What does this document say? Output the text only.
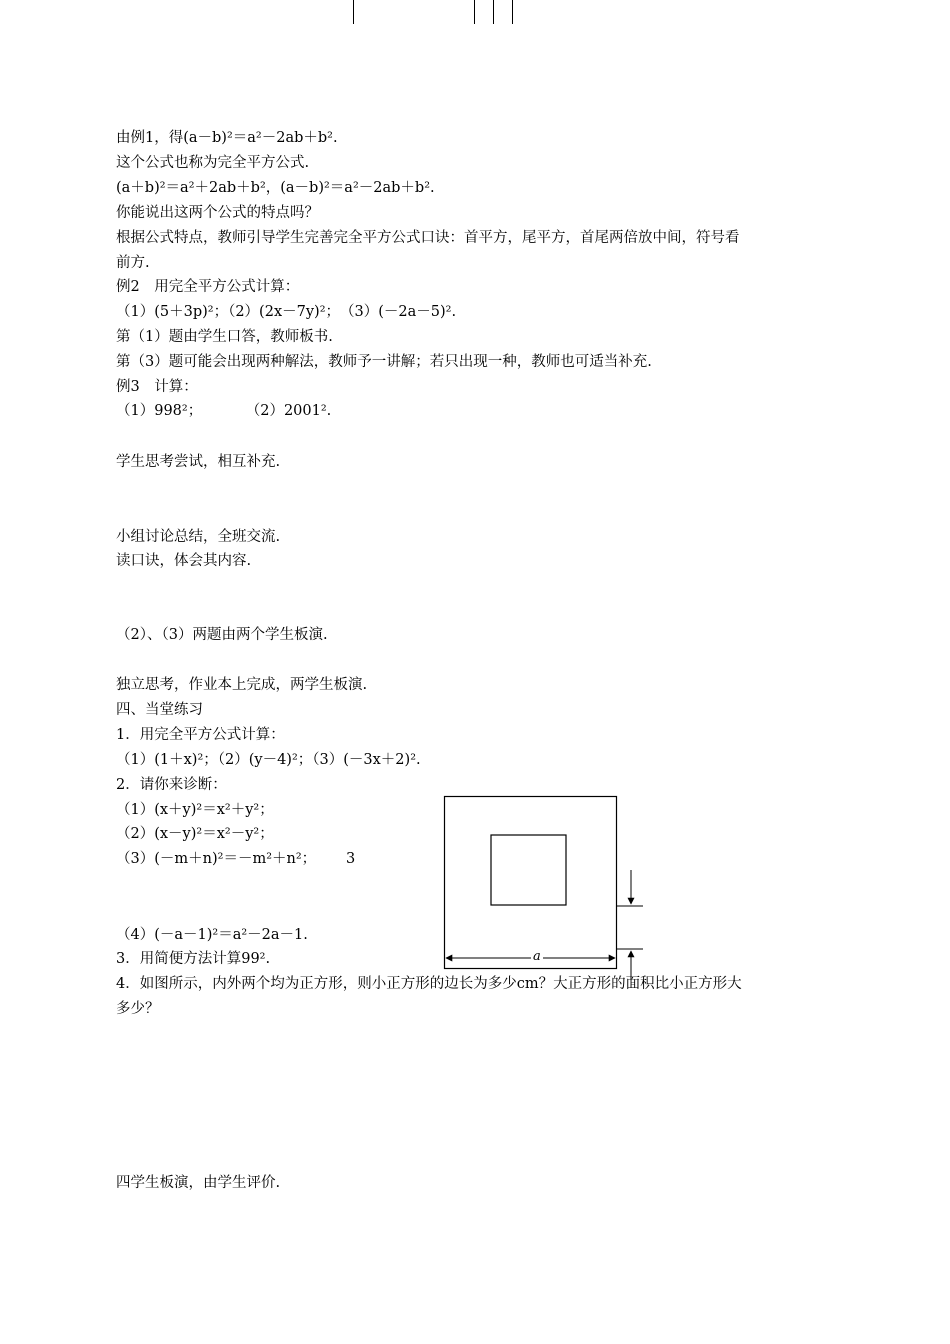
由例1，得(a－b)²＝a²－2ab＋b².
这个公式也称为完全平方公式.
(a＋b)²＝a²＋2ab＋b²，(a－b)²＝a²－2ab＋b².
你能说出这两个公式的特点吗？
根据公式特点，教师引导学生完善完全平方公式口诀：首平方，尾平方，首尾两倍放中间，符号看
前方.
例2　用完全平方公式计算：
（1）(5＋3p)²；（2）(2x－7y)²；　（3）(－2a－5)².
第（1）题由学生口答，教师板书.
第（3）题可能会出现两种解法，教师予一讲解；若只出现一种，教师也可适当补充.
例3　计算：
（1）998²；　　　　（2）2001².
学生思考尝试，相互补充.
小组讨论总结，全班交流.
读口诀，体会其内容.
（2）、（3）两题由两个学生板演.
独立思考，作业本上完成，两学生板演.
四、当堂练习
1．用完全平方公式计算：
（1）(1＋x)²；（2）(y－4)²；（3）(－3x＋2)².
2．请你来诊断：
（1）(x＋y)²＝x²＋y²；
（2）(x－y)²＝x²－y²；
（3）(－m＋n)²＝－m²＋n²； 3
（4）(－a－1)²＝a²－2a－1.
3．用简便方法计算99².
4．如图所示，内外两个均为正方形，则小正方形的边长为多少cm？大正方形的面积比小正方形大
多少？
四学生板演，由学生评价.
a
